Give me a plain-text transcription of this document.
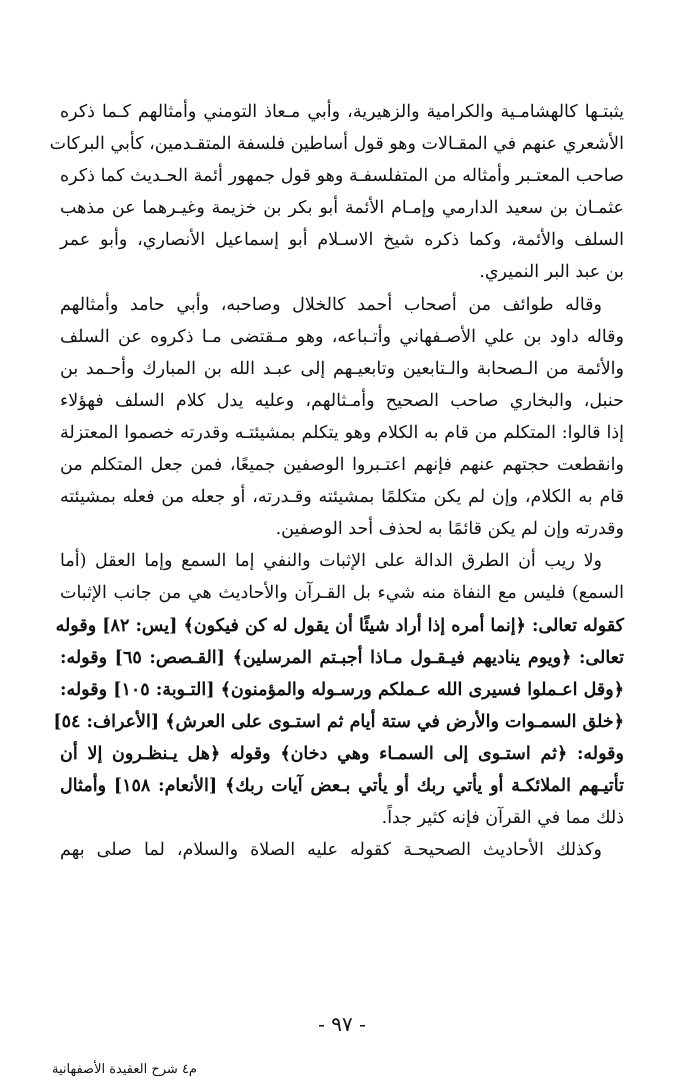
يثبتـها كالهشامـية والكرامية والزهيرية، وأبي مـعاذ التومني وأمثالهم كـما ذكره
الأشعري عنهم في المقـالات وهو قول أساطين فلسفة المتقـدمين، كأبي البركات
صاحب المعتـبر وأمثاله من المتفلسفـة وهو قول جمهور أئمة الحـديث كما ذكره
عثمـان بن سعيد الدارمي وإمـام الأئمة أبو بكر بن خزيمة وغيـرهما عن مذهب
السلف والأئمة، وكما ذكره شيخ الاسـلام أبو إسماعيل الأنصاري، وأبو عمر
بن عبد البر النميري.
وقاله طوائف من أصحاب أحمد كالخلال وصاحبه، وأبي حامد وأمثالهم
وقاله داود بن علي الأصـفهاني وأتـباعه، وهو مـقتضى مـا ذكروه عن السلف
والأئمة من الـصحابة والـتابعين وتابعيـهم إلى عبـد الله بن المبارك وأحـمد بن
حنبل، والبخاري صاحب الصحيح وأمـثالهم، وعليه يدل كلام السلف فهؤلاء
إذا قالوا: المتكلم من قام به الكلام وهو يتكلم بمشيئتـه وقدرته خصموا المعتزلة
وانقطعت حجتهم عنهم فإنهم اعتـبروا الوصفين جميعًا، فمن جعل المتكلم من
قام به الكلام، وإن لم يكن متكلمًا بمشيئته وقـدرته، أو جعله من فعله بمشيئته
وقدرته وإن لم يكن قائمًا به لحذف أحد الوصفين.
ولا ريب أن الطرق الدالة على الإثبات والنفي إما السمع وإما العقل (أما
السمع) فليس مع النفاة منه شيء بل القـرآن والأحاديث هي من جانب الإثبات
كقوله تعالى: ﴿إنما أمره إذا أراد شيئًا أن يقول له كن فيكون﴾ [يس: ٨٢] وقوله
تعالى: ﴿ويوم يناديهم فيـقـول مـاذا أجبـتم المرسلين﴾ [القـصص: ٦٥] وقوله:
﴿وقل اعـملوا فسيرى الله عـملكم ورسـوله والمؤمنون﴾ [التـوبة: ١٠٥] وقوله:
﴿خلق السمـوات والأرض في ستة أيام ثم استـوى على العرش﴾ [الأعراف: ٥٤]
وقوله: ﴿ثم استـوى إلى السمـاء وهي دخان﴾ وقوله ﴿هل يـنظـرون إلا أن
تأتيـهم الملائكـة أو يأتي ربك أو يأتي بـعض آيات ربك﴾ [الأنعام: ١٥٨] وأمثال
ذلك مما في القرآن فإنه كثير جداً.
وكذلك الأحاديث الصحيحـة كقوله عليه الصلاة والسلام، لما صلى بهم
- ٩٧ -
م٤ شرح العقيدة الأصفهانية
